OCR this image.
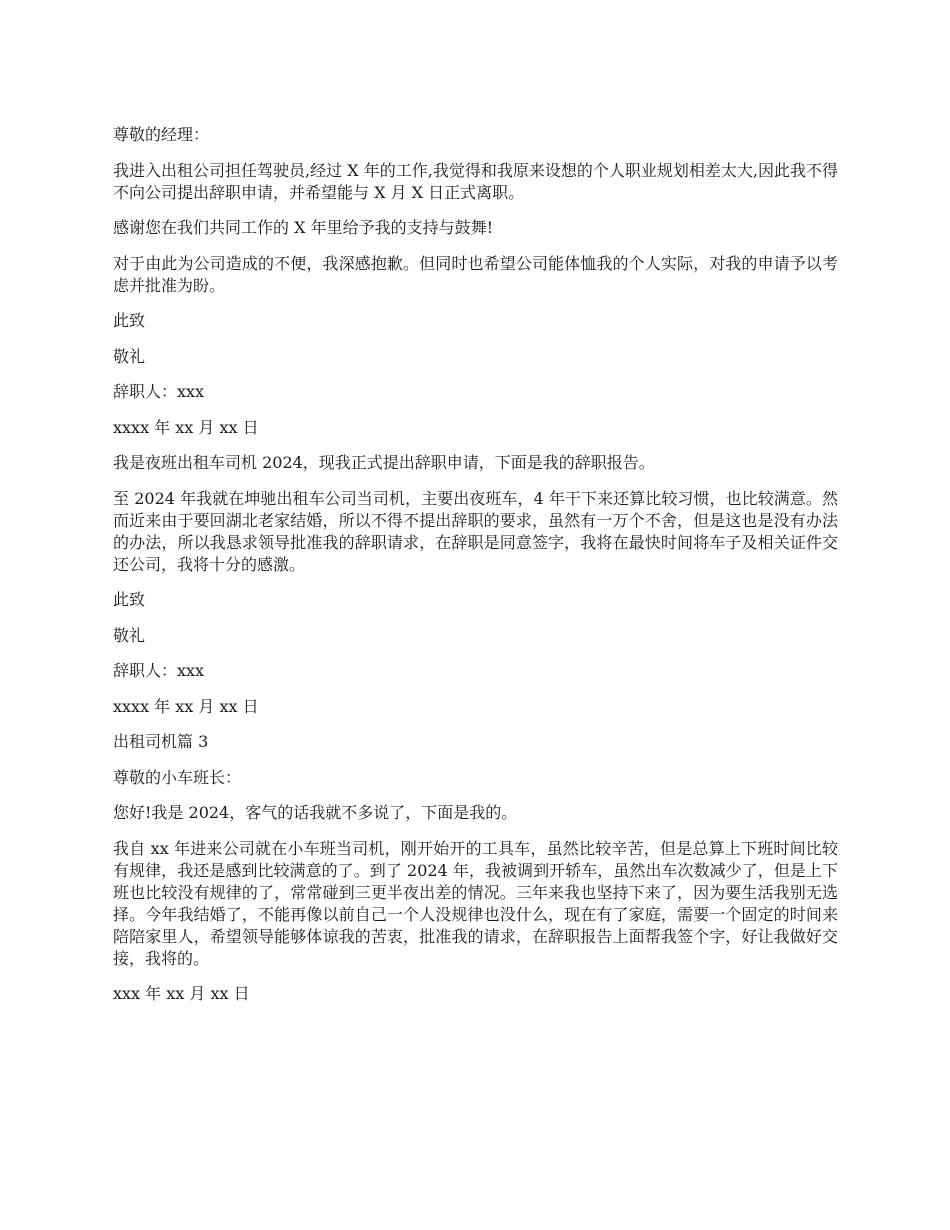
尊敬的经理：

我进入出租公司担任驾驶员,经过 X 年的工作,我觉得和我原来设想的个人职业规划相差太大,因此我不得不向公司提出辞职申请，并希望能与 X 月 X 日正式离职。

感谢您在我们共同工作的 X 年里给予我的支持与鼓舞!

对于由此为公司造成的不便，我深感抱歉。但同时也希望公司能体恤我的个人实际，对我的申请予以考虑并批准为盼。

此致

敬礼

辞职人：xxx

xxxx 年 xx 月 xx 日

我是夜班出租车司机 2024，现我正式提出辞职申请，下面是我的辞职报告。

至 2024 年我就在坤驰出租车公司当司机，主要出夜班车，4 年干下来还算比较习惯，也比较满意。然而近来由于要回湖北老家结婚，所以不得不提出辞职的要求，虽然有一万个不舍，但是这也是没有办法的办法，所以我恳求领导批准我的辞职请求，在辞职是同意签字，我将在最快时间将车子及相关证件交还公司，我将十分的感激。

此致

敬礼

辞职人：xxx

xxxx 年 xx 月 xx 日

出租司机篇 3

尊敬的小车班长：

您好!我是 2024，客气的话我就不多说了，下面是我的。

我自 xx 年进来公司就在小车班当司机，刚开始开的工具车，虽然比较辛苦，但是总算上下班时间比较有规律，我还是感到比较满意的了。到了 2024 年，我被调到开轿车，虽然出车次数减少了，但是上下班也比较没有规律的了，常常碰到三更半夜出差的情况。三年来我也坚持下来了，因为要生活我别无选择。今年我结婚了，不能再像以前自己一个人没规律也没什么，现在有了家庭，需要一个固定的时间来陪陪家里人，希望领导能够体谅我的苦衷，批准我的请求，在辞职报告上面帮我签个字，好让我做好交接，我将的。

xxx 年 xx 月 xx 日
